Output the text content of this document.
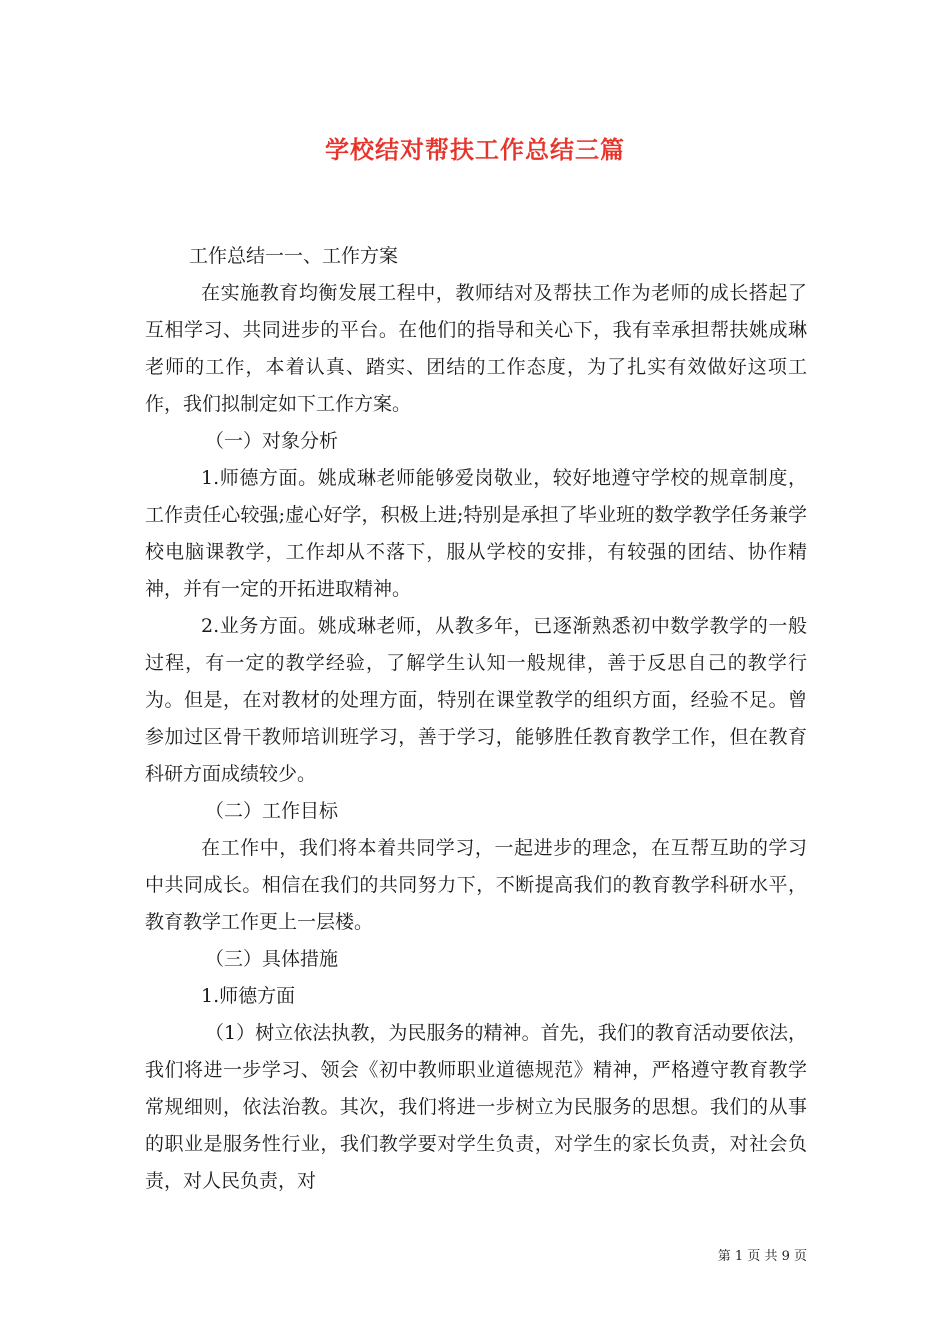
学校结对帮扶工作总结三篇

工作总结一一、工作方案

在实施教育均衡发展工程中，教师结对及帮扶工作为老师的成长搭起了互相学习、共同进步的平台。在他们的指导和关心下，我有幸承担帮扶姚成琳老师的工作，本着认真、踏实、团结的工作态度，为了扎实有效做好这项工作，我们拟制定如下工作方案。

（一）对象分析

1.师德方面。姚成琳老师能够爱岗敬业，较好地遵守学校的规章制度，工作责任心较强;虚心好学，积极上进;特别是承担了毕业班的数学教学任务兼学校电脑课教学，工作却从不落下，服从学校的安排，有较强的团结、协作精神，并有一定的开拓进取精神。

2.业务方面。姚成琳老师，从教多年，已逐渐熟悉初中数学教学的一般过程，有一定的教学经验，了解学生认知一般规律，善于反思自己的教学行为。但是，在对教材的处理方面，特别在课堂教学的组织方面，经验不足。曾参加过区骨干教师培训班学习，善于学习，能够胜任教育教学工作，但在教育科研方面成绩较少。

（二）工作目标

在工作中，我们将本着共同学习，一起进步的理念，在互帮互助的学习中共同成长。相信在我们的共同努力下，不断提高我们的教育教学科研水平，教育教学工作更上一层楼。

（三）具体措施

1.师德方面

（1）树立依法执教，为民服务的精神。首先，我们的教育活动要依法，我们将进一步学习、领会《初中教师职业道德规范》精神，严格遵守教育教学常规细则，依法治教。其次，我们将进一步树立为民服务的思想。我们的从事的职业是服务性行业，我们教学要对学生负责，对学生的家长负责，对社会负责，对人民负责，对

第 1 页 共 9 页
